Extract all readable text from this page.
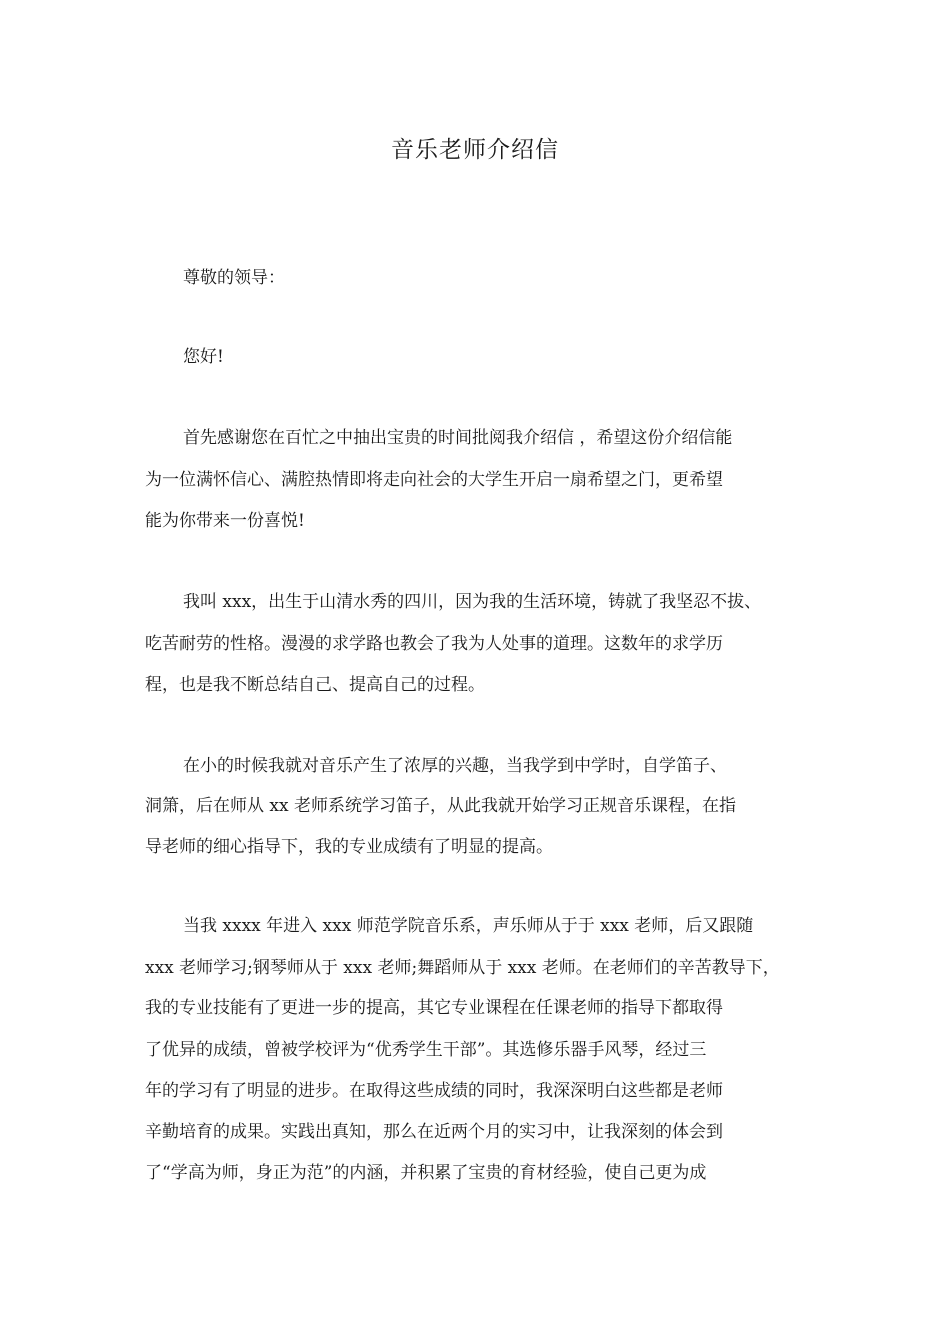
音乐老师介绍信
尊敬的领导：
您好!
首先感谢您在百忙之中抽出宝贵的时间批阅我介绍信 ，希望这份介绍信能
为一位满怀信心、满腔热情即将走向社会的大学生开启一扇希望之门，更希望
能为你带来一份喜悦!
我叫 xxx，出生于山清水秀的四川，因为我的生活环境，铸就了我坚忍不拔、
吃苦耐劳的性格。漫漫的求学路也教会了我为人处事的道理。这数年的求学历
程，也是我不断总结自己、提高自己的过程。
在小的时候我就对音乐产生了浓厚的兴趣，当我学到中学时，自学笛子、
洞箫，后在师从 xx 老师系统学习笛子，从此我就开始学习正规音乐课程，在指
导老师的细心指导下，我的专业成绩有了明显的提高。
当我 xxxx 年进入 xxx 师范学院音乐系，声乐师从于于 xxx 老师，后又跟随
xxx 老师学习;钢琴师从于 xxx 老师;舞蹈师从于 xxx 老师。在老师们的辛苦教导下，
我的专业技能有了更进一步的提高，其它专业课程在任课老师的指导下都取得
了优异的成绩，曾被学校评为“优秀学生干部”。其选修乐器手风琴，经过三
年的学习有了明显的进步。在取得这些成绩的同时，我深深明白这些都是老师
辛勤培育的成果。实践出真知，那么在近两个月的实习中，让我深刻的体会到
了“学高为师，身正为范”的内涵，并积累了宝贵的育材经验，使自己更为成
